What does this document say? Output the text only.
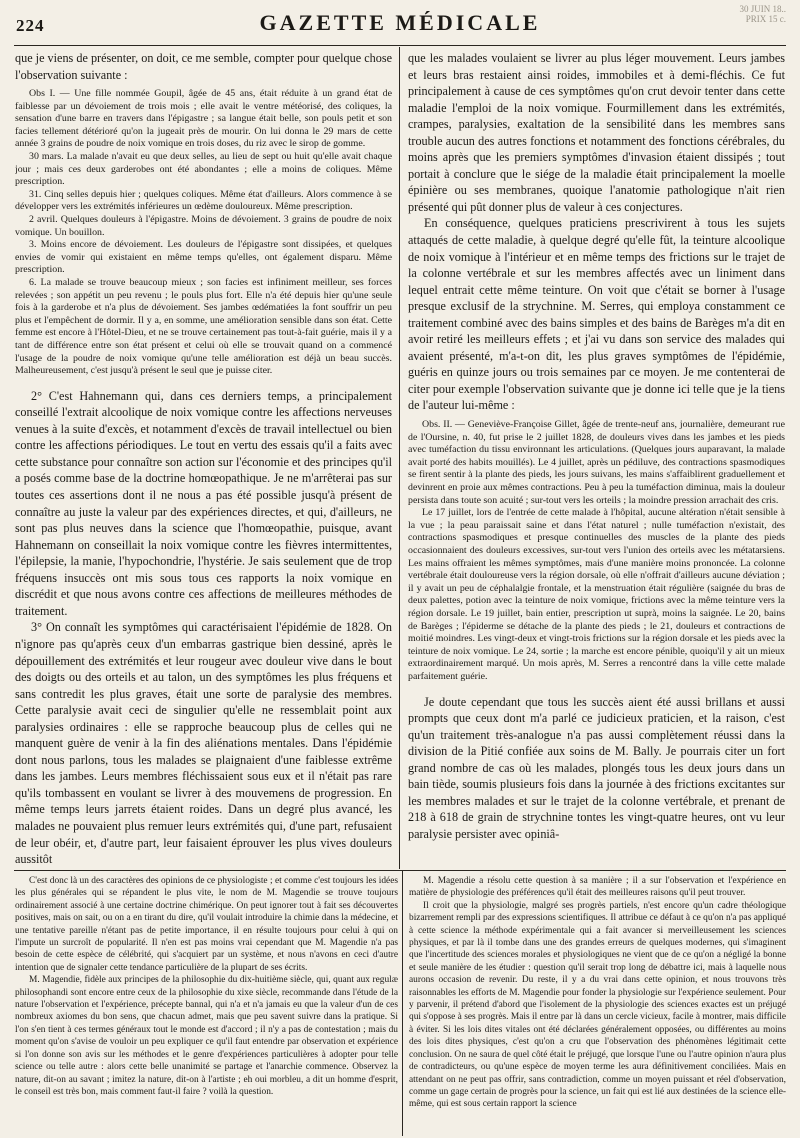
224	GAZETTE MÉDICALE
30 JUIN 18..
PRIX 15 c.

que je viens de présenter, on doit, ce me semble, compter pour quelque chose l'observation suivante :

Obs I. — Une fille nommée Goupil, âgée de 45 ans, était réduite à un grand état de faiblesse par un dévoiement de trois mois ; elle avait le ventre météorisé, des coliques, la sensation d'une barre en travers dans l'épigastre ; sa langue était belle, son pouls petit et son facies tellement détérioré qu'on la jugeait près de mourir. On lui donna le 29 mars de cette année 3 grains de poudre de noix vomique en trois doses, du riz avec le sirop de gomme.

30 mars. La malade n'avait eu que deux selles, au lieu de sept ou huit qu'elle avait chaque jour ; mais ces deux garderobes ont été abondantes ; elle a moins de coliques. Même prescription.

31. Cinq selles depuis hier ; quelques coliques. Même état d'ailleurs. Alors commence à se développer vers les extrémités inférieures un œdème douloureux. Même prescription.

2 avril. Quelques douleurs à l'épigastre. Moins de dévoiement. 3 grains de poudre de noix vomique. Un bouillon.

3. Moins encore de dévoiement. Les douleurs de l'épigastre sont dissipées, et quelques envies de vomir qui existaient en même temps qu'elles, ont également disparu. Même prescription.

6. La malade se trouve beaucoup mieux ; son facies est infiniment meilleur, ses forces relevées ; son appétit un peu revenu ; le pouls plus fort. Elle n'a été depuis hier qu'une seule fois à la garderobe et n'a plus de dévoiement. Ses jambes œdématiées la font souffrir un peu plus et l'empêchent de dormir. Il y a, en somme, une amélioration sensible dans son état. Cette femme est encore à l'Hôtel-Dieu, et ne se trouve certainement pas tout-à-fait guérie, mais il y a tant de différence entre son état présent et celui où elle se trouvait quand on a commencé l'usage de la poudre de noix vomique qu'une telle amélioration est déjà un beau succès. Malheureusement, c'est jusqu'à présent le seul que je puisse citer.

2° C'est Hahnemann qui, dans ces derniers temps, a principalement conseillé l'extrait alcoolique de noix vomique contre les affections nerveuses venues à la suite d'excès, et notamment d'excès de travail intellectuel ou bien contre les affections périodiques. Le tout en vertu des essais qu'il a faits avec cette substance pour connaître son action sur l'économie et des principes qu'il a posés comme base de la doctrine homœopathique. Je ne m'arrêterai pas sur toutes ces assertions dont il ne nous a pas été possible jusqu'à présent de connaître au juste la valeur par des expériences directes, et qui, d'ailleurs, ne sont pas plus neuves dans la science que l'homœopathie, puisque, avant Hahnemann on conseillait la noix vomique contre les fièvres intermittentes, l'épilepsie, la manie, l'hypochondrie, l'hystérie. Je sais seulement que de trop fréquens insuccès ont mis sous tous ces rapports la noix vomique en discrédit et que nous avons contre ces affections de meilleures méthodes de traitement.

3° On connaît les symptômes qui caractérisaient l'épidémie de 1828. On n'ignore pas qu'après ceux d'un embarras gastrique bien dessiné, après le dépouillement des extrémités et leur rougeur avec douleur vive dans le bout des doigts ou des orteils et au talon, un des symptômes les plus fréquens et sans contredit les plus graves, était une sorte de paralysie des membres. Cette paralysie avait ceci de singulier qu'elle ne ressemblait point aux paralysies ordinaires : elle se rapproche beaucoup plus de celles qui ne manquent guère de venir à la fin des aliénations mentales. Dans l'épidémie dont nous parlons, tous les malades se plaignaient d'une faiblesse extrême dans les jambes. Leurs membres fléchissaient sous eux et il n'était pas rare qu'ils tombassent en voulant se livrer à des mouvemens de progression. En même temps leurs jarrets étaient roides. Dans un degré plus avancé, les malades ne pouvaient plus remuer leurs extrémités qui, d'une part, refusaient de leur obéir, et, d'autre part, leur faisaient éprouver les plus vives douleurs aussitôt

que les malades voulaient se livrer au plus léger mouvement. Leurs jambes et leurs bras restaient ainsi roides, immobiles et à demi-fléchis. Ce fut principalement à cause de ces symptômes qu'on crut devoir tenter dans cette maladie l'emploi de la noix vomique. Fourmillement dans les extrémités, crampes, paralysies, exaltation de la sensibilité dans les membres sans trouble aucun des autres fonctions et notamment des fonctions cérébrales, du moins après que les premiers symptômes d'invasion étaient dissipés ; tout portait à conclure que le siége de la maladie était principalement la moelle épinière ou ses membranes, quoique l'anatomie pathologique n'ait rien présenté qui pût donner plus de valeur à ces conjectures.

En conséquence, quelques praticiens prescrivirent à tous les sujets attaqués de cette maladie, à quelque degré qu'elle fût, la teinture alcoolique de noix vomique à l'intérieur et en même temps des frictions sur le trajet de la colonne vertébrale et sur les membres affectés avec un liniment dans lequel entrait cette même teinture. On voit que c'était se borner à l'usage presque exclusif de la strychnine. M. Serres, qui employa constamment ce traitement combiné avec des bains simples et des bains de Barèges m'a dit en avoir retiré les meilleurs effets ; et j'ai vu dans son service des malades qui avaient présenté, m'a-t-on dit, les plus graves symptômes de l'épidémie, guéris en quinze jours ou trois semaines par ce moyen. Je me contenterai de citer pour exemple l'observation suivante que je donne ici telle que je la tiens de l'auteur lui-même :

Obs. II. — Geneviève-Françoise Gillet, âgée de trente-neuf ans, journalière, demeurant rue de l'Oursine, n. 40, fut prise le 2 juillet 1828, de douleurs vives dans les jambes et les pieds avec tuméfaction du tissu environnant les articulations. (Quelques jours auparavant, la malade avait porté des habits mouillés). Le 4 juillet, après un pédiluve, des contractions spasmodiques se firent sentir à la plante des pieds, les jours suivans, les mains s'affaiblirent graduellement et devinrent en proie aux mêmes contractions. Peu à peu la tuméfaction diminua, mais la douleur persista dans toute son acuité ; sur-tout vers les orteils ; la moindre pression arrachait des cris.

Le 17 juillet, lors de l'entrée de cette malade à l'hôpital, aucune altération n'était sensible à la vue ; la peau paraissait saine et dans l'état naturel ; nulle tuméfaction n'existait, des contractions spasmodiques et presque continuelles des muscles de la plante des pieds occasionnaient des douleurs excessives, sur-tout vers l'union des orteils avec les métatarsiens. Les mains offraient les mêmes symptômes, mais d'une manière moins prononcée. La colonne vertébrale était douloureuse vers la région dorsale, où elle n'offrait d'ailleurs aucune déviation ; il y avait un peu de céphalalgie frontale, et la menstruation était régulière (saignée du bras de deux palettes, potion avec la teinture de noix vomique, frictions avec la même teinture vers la région dorsale. Le 19 juillet, bain entier, prescription ut suprà, moins la saignée. Le 20, bains de Barèges ; l'épiderme se détache de la plante des pieds ; le 21, douleurs et contractions de moitié moindres. Les vingt-deux et vingt-trois frictions sur la région dorsale et les pieds avec la teinture de noix vomique. Le 24, sortie ; la marche est encore pénible, quoiqu'il y ait un mieux extraordinairement marqué. Un mois après, M. Serres a rencontré dans la ville cette malade parfaitement guérie.

Je doute cependant que tous les succès aient été aussi brillans et aussi prompts que ceux dont m'a parlé ce judicieux praticien, et la raison, c'est qu'un traitement très-analogue n'a pas aussi complètement réussi dans la division de la Pitié confiée aux soins de M. Bally. Je pourrais citer un fort grand nombre de cas où les malades, plongés tous les deux jours dans un bain tiède, soumis plusieurs fois dans la journée à des frictions excitantes sur les membres malades et sur le trajet de la colonne vertébrale, et prenant de 218 à 618 de grain de strychnine tontes les vingt-quatre heures, ont vu leur paralysie persister avec opiniâ-

C'est donc là un des caractères des opinions de ce physiologiste ; et comme c'est toujours les idées les plus générales qui se répandent le plus vite, le nom de M. Magendie se trouve toujours ordinairement associé à une certaine doctrine chimérique. On peut ignorer tout à fait ses découvertes positives, mais on sait, ou on a en tirant du dire, qu'il voulait introduire la chimie dans la médecine, et une tentative pareille n'étant pas de petite importance, il en résulte toujours pour celui à qui on l'impute un surcroît de popularité. Il n'en est pas moins vrai cependant que M. Magendie n'a pas besoin de cette espèce de célébrité, qui s'acquiert par un système, et nous n'avons en ceci d'autre intention que de signaler cette tendance particulière de la plupart de ses écrits.

M. Magendie, fidèle aux principes de la philosophie du dix-huitième siècle, qui, quant aux regulæ philosophandi sont encore entre ceux de la philosophie du xixe siècle, recommande dans l'étude de la nature l'observation et l'expérience, précepte bannal, qui n'a et n'a jamais eu que la valeur d'un de ces nombreux axiomes du bon sens, que chacun admet, mais que peu savent suivre dans la pratique. Si l'on s'en tient à ces termes généraux tout le monde est d'accord ; il n'y a pas de contestation ; mais du moment qu'on s'avise de vouloir un peu expliquer ce qu'il faut entendre par observation et expérience si l'on donne son avis sur les méthodes et le genre d'expériences particulières à adopter pour telle science ou telle autre : alors cette belle unanimité se partage et l'anarchie commence. Observez la nature, dit-on au savant ; imitez la nature, dit-on à l'artiste ; eh oui morbleu, a dit un homme d'esprit, le conseil est très bon, mais comment faut-il faire ? voilà la question.

M. Magendie a résolu cette question à sa manière ; il a sur l'observation et l'expérience en matière de physiologie des préférences qu'il était des meilleures raisons qu'il peut trouver.

Il croit que la physiologie, malgré ses progrès partiels, n'est encore qu'un cadre théologique bizarrement rempli par des expressions scientifiques. Il attribue ce défaut à ce qu'on n'a pas appliqué à cette science la méthode expérimentale qui a fait avancer si merveilleusement les sciences physiques, et par là il tombe dans une des grandes erreurs de quelques modernes, qui s'imaginent que l'incertitude des sciences morales et physiologiques ne vient que de ce qu'on a négligé la bonne et seule manière de les étudier : question qu'il serait trop long de débattre ici, mais à laquelle nous aurons occasion de revenir. Du reste, il y a du vrai dans cette opinion, et nous trouvons très raisonnables les efforts de M. Magendie pour fonder la physiologie sur l'expérience seulement. Pour y parvenir, il prétend d'abord que l'isolement de la physiologie des sciences exactes est un préjugé qui s'oppose à ses progrès. Mais il entre par là dans un cercle vicieux, facile à montrer, mais difficile à éviter. Si les lois dites vitales ont été déclarées généralement opposées, ou différentes au moins des lois dites physiques, c'est qu'on a cru que l'observation des phénomènes légitimait cette conclusion. On ne saura de quel côté était le préjugé, que lorsque l'une ou l'autre opinion n'aura plus de contradicteurs, ou qu'une espèce de moyen terme les aura définitivement conciliées. Mais en attendant on ne peut pas offrir, sans contradiction, comme un moyen puissant et réel d'observation, comme un gage certain de progrès pour la science, un fait qui est lié aux destinées de la science elle-même, qui est sous certain rapport la science
